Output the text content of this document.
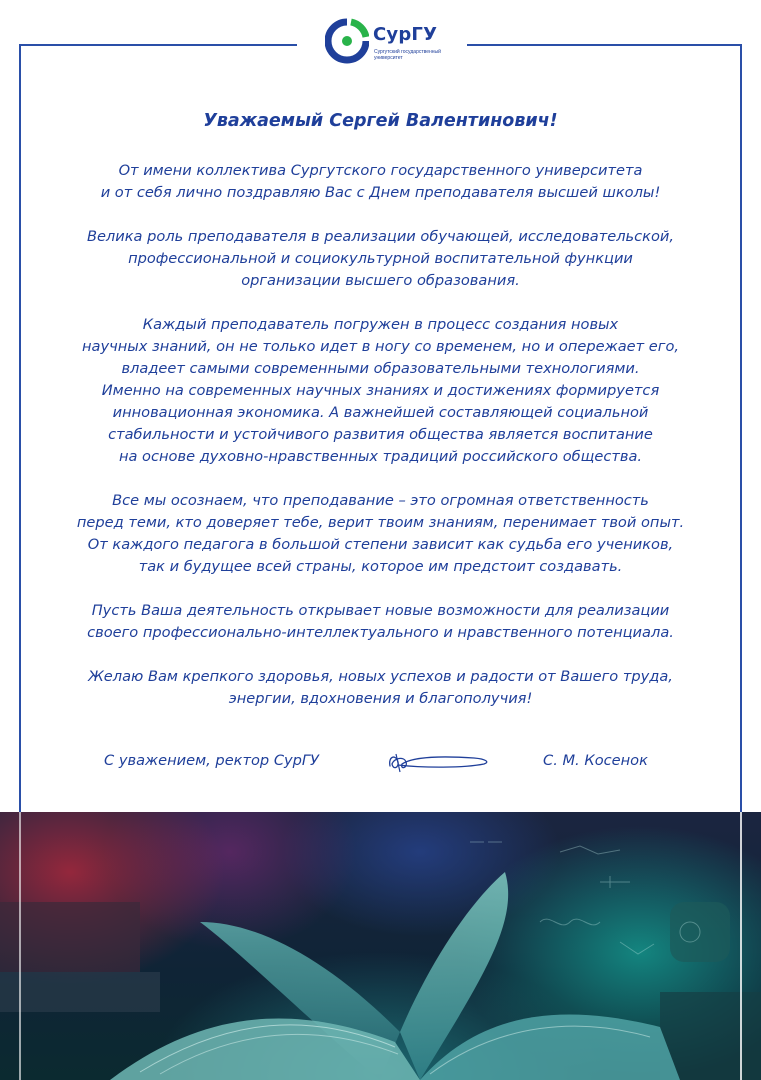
СурГУ
Сургутский государственный университет
Уважаемый Сергей Валентинович!
От имени коллектива Сургутского государственного университета
и от себя лично поздравляю Вас с Днем преподавателя высшей школы!
Велика роль преподавателя в реализации обучающей, исследовательской,
профессиональной и социокультурной воспитательной функции
организации высшего образования.
Каждый преподаватель погружен в процесс создания новых
научных знаний, он не только идет в ногу со временем, но и опережает его,
владеет самыми современными образовательными технологиями.
Именно на современных научных знаниях и достижениях формируется
инновационная экономика. А важнейшей составляющей социальной
стабильности и устойчивого развития общества является воспитание
на основе духовно-нравственных традиций российского общества.
Все мы осознаем, что преподавание – это огромная ответственность
перед теми, кто доверяет тебе, верит твоим знаниям, перенимает твой опыт.
От каждого педагога в большой степени зависит как судьба его учеников,
так и будущее всей страны, которое им предстоит создавать.
Пусть Ваша деятельность открывает новые возможности для реализации
своего профессионально-интеллектуального и нравственного потенциала.
Желаю Вам крепкого здоровья, новых успехов и радости от Вашего труда,
энергии, вдохновения и благополучия!
С уважением, ректор СурГУ	С. М. Косенок
